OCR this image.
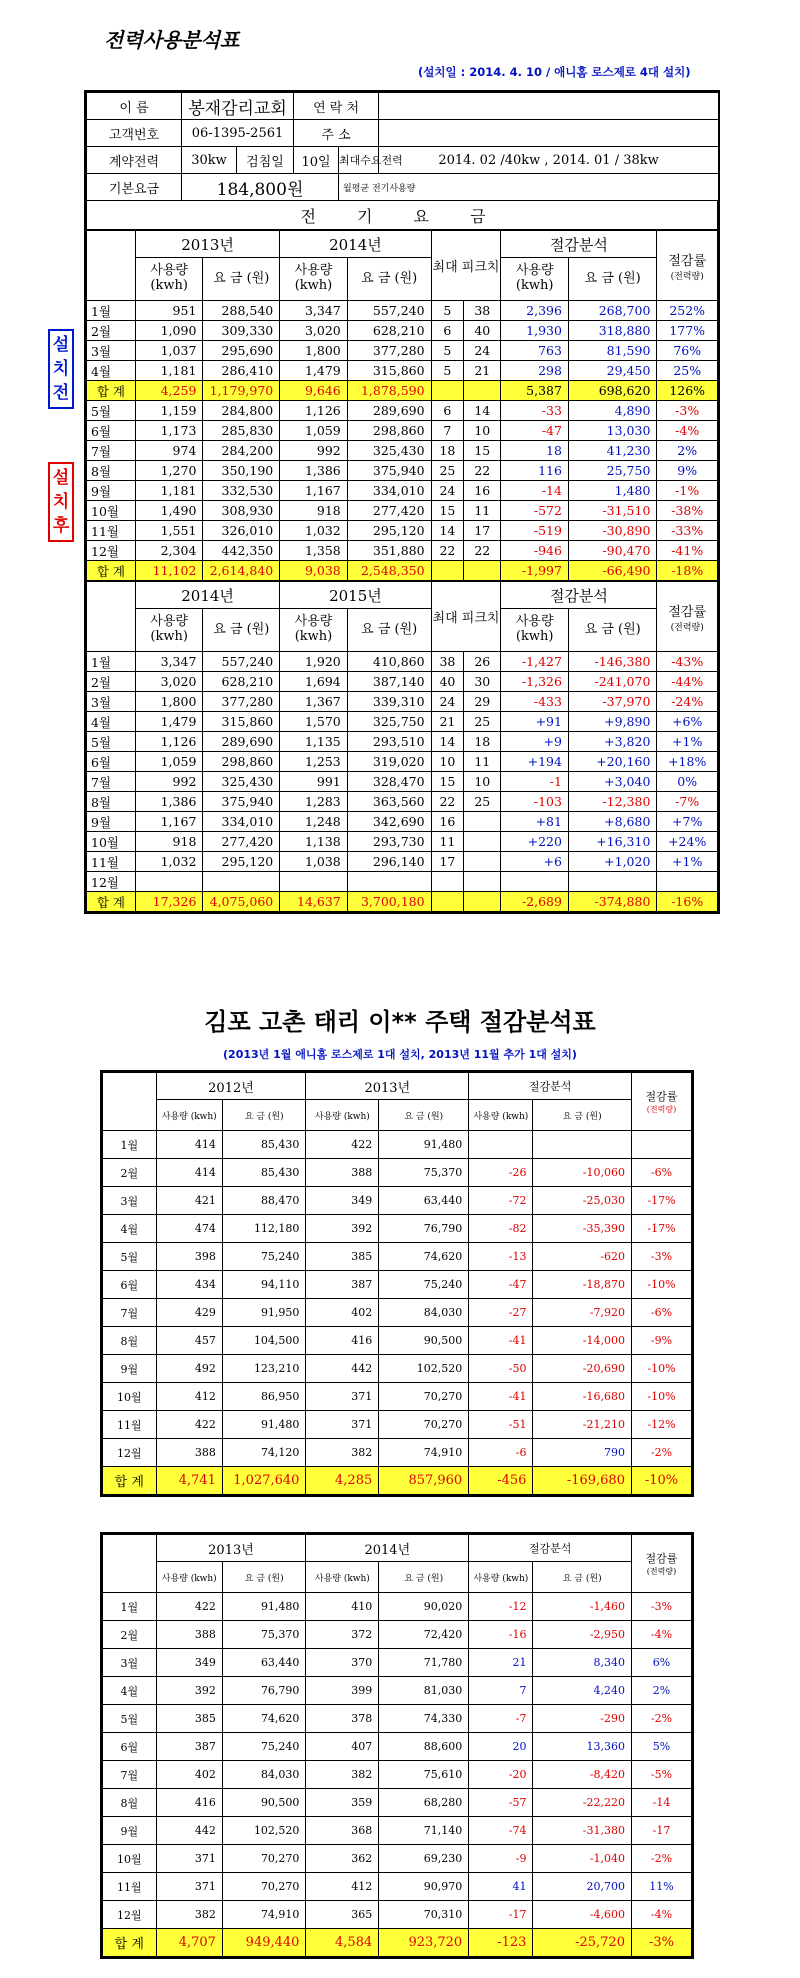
전력사용분석표
(설치일 : 2014. 4. 10 / 애니홈 로스제로 4대 설치)
설치전
설치후
이 름	봉재감리교회		연 락 처		
고객번호	06-1395-2561		주 소		
계약전력	30kw	검침일	10일	최대수요전력	2014. 02 /40kw , 2014. 01 / 38kw
기본요금	184,800원			월평균 전기사용량	
전 기 요 금
	2013년		2014년		최대 피크치		절감분석		절감률
(전력량)

	사용량 (kwh)	요 금 (원)	사용량 (kwh)	요 금 (원)			사용량 (kwh)	요 금 (원)	
1월	951	288,540	3,347	557,240	5	38	2,396	268,700	252%
2월	1,090	309,330	3,020	628,210	6	40	1,930	318,880	177%
3월	1,037	295,690	1,800	377,280	5	24	763	81,590	76%
4월	1,181	286,410	1,479	315,860	5	21	298	29,450	25%
합 계	4,259	1,179,970	9,646	1,878,590			5,387	698,620	126%
5월	1,159	284,800	1,126	289,690	6	14	-33	4,890	-3%
6월	1,173	285,830	1,059	298,860	7	10	-47	13,030	-4%
7월	974	284,200	992	325,430	18	15	18	41,230	2%
8월	1,270	350,190	1,386	375,940	25	22	116	25,750	9%
9월	1,181	332,530	1,167	334,010	24	16	-14	1,480	-1%
10월	1,490	308,930	918	277,420	15	11	-572	-31,510	-38%
11월	1,551	326,010	1,032	295,120	14	17	-519	-30,890	-33%
12월	2,304	442,350	1,358	351,880	22	22	-946	-90,470	-41%
합 계	11,102	2,614,840	9,038	2,548,350			-1,997	-66,490	-18%
	2014년		2015년		최대 피크치		절감분석		절감률
(전력량)

	사용량 (kwh)	요 금 (원)	사용량 (kwh)	요 금 (원)			사용량 (kwh)	요 금 (원)	
1월	3,347	557,240	1,920	410,860	38	26	-1,427	-146,380	-43%
2월	3,020	628,210	1,694	387,140	40	30	-1,326	-241,070	-44%
3월	1,800	377,280	1,367	339,310	24	29	-433	-37,970	-24%
4월	1,479	315,860	1,570	325,750	21	25	+91	+9,890	+6%
5월	1,126	289,690	1,135	293,510	14	18	+9	+3,820	+1%
6월	1,059	298,860	1,253	319,020	10	11	+194	+20,160	+18%
7월	992	325,430	991	328,470	15	10	-1	+3,040	0%
8월	1,386	375,940	1,283	363,560	22	25	-103	-12,380	-7%
9월	1,167	334,010	1,248	342,690	16		+81	+8,680	+7%
10월	918	277,420	1,138	293,730	11		+220	+16,310	+24%
11월	1,032	295,120	1,038	296,140	17		+6	+1,020	+1%
12월									
합 계	17,326	4,075,060	14,637	3,700,180			-2,689	-374,880	-16%
김포 고촌 태리 이** 주택 절감분석표
(2013년 1월 애니홈 로스제로 1대 설치, 2013년 11월 추가 1대 설치)
	2012년		2013년		절감분석		절감률
(전력량)

	사용량 (kwh)	요 금 (원)	사용량 (kwh)	요 금 (원)	사용량 (kwh)	요 금 (원)	
1월	414	85,430	422	91,480			
2월	414	85,430	388	75,370	-26	-10,060	-6%
3월	421	88,470	349	63,440	-72	-25,030	-17%
4월	474	112,180	392	76,790	-82	-35,390	-17%
5월	398	75,240	385	74,620	-13	-620	-3%
6월	434	94,110	387	75,240	-47	-18,870	-10%
7월	429	91,950	402	84,030	-27	-7,920	-6%
8월	457	104,500	416	90,500	-41	-14,000	-9%
9월	492	123,210	442	102,520	-50	-20,690	-10%
10월	412	86,950	371	70,270	-41	-16,680	-10%
11월	422	91,480	371	70,270	-51	-21,210	-12%
12월	388	74,120	382	74,910	-6	790	-2%
합 계	4,741	1,027,640	4,285	857,960	-456	-169,680	-10%
	2013년		2014년		절감분석		절감률
(전력량)

	사용량 (kwh)	요 금 (원)	사용량 (kwh)	요 금 (원)	사용량 (kwh)	요 금 (원)	
1월	422	91,480	410	90,020	-12	-1,460	-3%
2월	388	75,370	372	72,420	-16	-2,950	-4%
3월	349	63,440	370	71,780	21	8,340	6%
4월	392	76,790	399	81,030	7	4,240	2%
5월	385	74,620	378	74,330	-7	-290	-2%
6월	387	75,240	407	88,600	20	13,360	5%
7월	402	84,030	382	75,610	-20	-8,420	-5%
8월	416	90,500	359	68,280	-57	-22,220	-14
9월	442	102,520	368	71,140	-74	-31,380	-17
10월	371	70,270	362	69,230	-9	-1,040	-2%
11월	371	70,270	412	90,970	41	20,700	11%
12월	382	74,910	365	70,310	-17	-4,600	-4%
합 계	4,707	949,440	4,584	923,720	-123	-25,720	-3%
